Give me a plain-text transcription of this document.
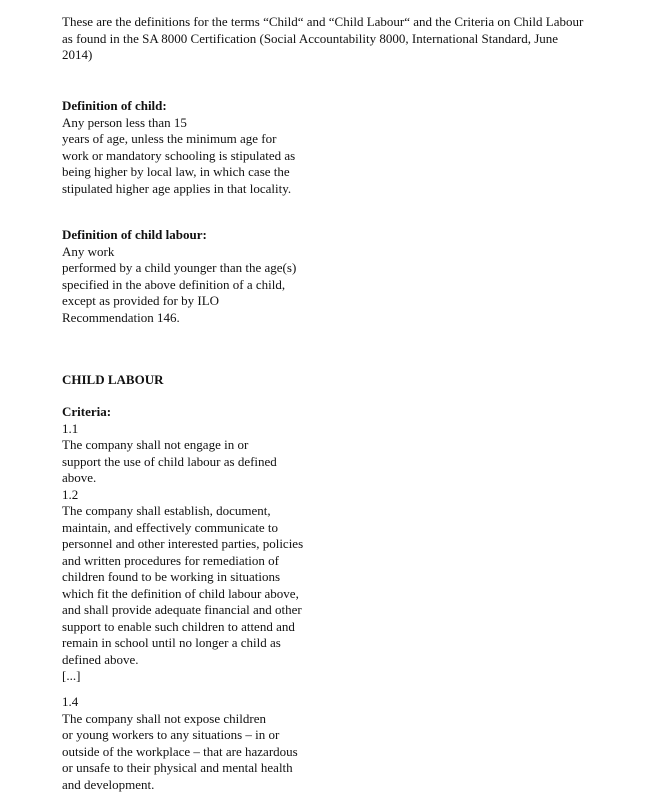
These are the definitions for the terms “Child“ and “Child Labour“ and the Criteria on Child Labour
as found in the SA 8000 Certification (Social Accountability 8000, International Standard, June
2014)
Definition of child:
Any person less than 15
years of age, unless the minimum age for
work or mandatory schooling is stipulated as
being higher by local law, in which case the
stipulated higher age applies in that locality.
Definition of child labour:
Any work
performed by a child younger than the age(s)
specified in the above definition of a child,
except as provided for by ILO
Recommendation 146.
CHILD LABOUR
Criteria:
1.1
The company shall not engage in or
support the use of child labour as defined
above.
1.2
The company shall establish, document,
maintain, and effectively communicate to
personnel and other interested parties, policies
and written procedures for remediation of
children found to be working in situations
which fit the definition of child labour above,
and shall provide adequate financial and other
support to enable such children to attend and
remain in school until no longer a child as
defined above.
[...]
1.4
The company shall not expose children
or young workers to any situations – in or
outside of the workplace – that are hazardous
or unsafe to their physical and mental health
and development.
